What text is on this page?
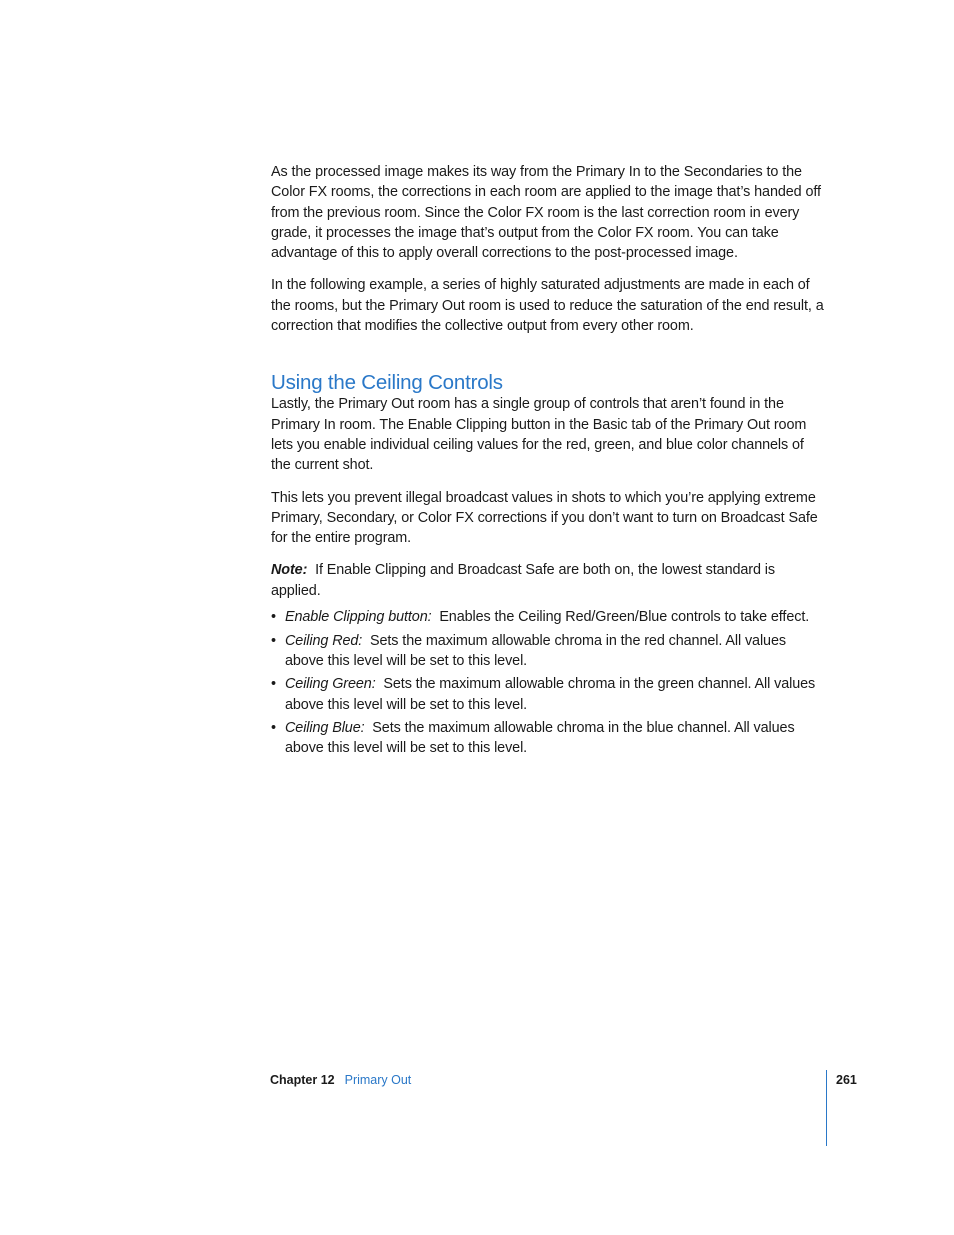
As the processed image makes its way from the Primary In to the Secondaries to the Color FX rooms, the corrections in each room are applied to the image that’s handed off from the previous room. Since the Color FX room is the last correction room in every grade, it processes the image that’s output from the Color FX room. You can take advantage of this to apply overall corrections to the post-processed image.

In the following example, a series of highly saturated adjustments are made in each of the rooms, but the Primary Out room is used to reduce the saturation of the end result, a correction that modifies the collective output from every other room.

Using the Ceiling Controls

Lastly, the Primary Out room has a single group of controls that aren’t found in the Primary In room. The Enable Clipping button in the Basic tab of the Primary Out room lets you enable individual ceiling values for the red, green, and blue color channels of the current shot.

This lets you prevent illegal broadcast values in shots to which you’re applying extreme Primary, Secondary, or Color FX corrections if you don’t want to turn on Broadcast Safe for the entire program.

Note: If Enable Clipping and Broadcast Safe are both on, the lowest standard is applied.

• Enable Clipping button: Enables the Ceiling Red/Green/Blue controls to take effect.
• Ceiling Red: Sets the maximum allowable chroma in the red channel. All values above this level will be set to this level.
• Ceiling Green: Sets the maximum allowable chroma in the green channel. All values above this level will be set to this level.
• Ceiling Blue: Sets the maximum allowable chroma in the blue channel. All values above this level will be set to this level.
Chapter 12 Primary Out	261
